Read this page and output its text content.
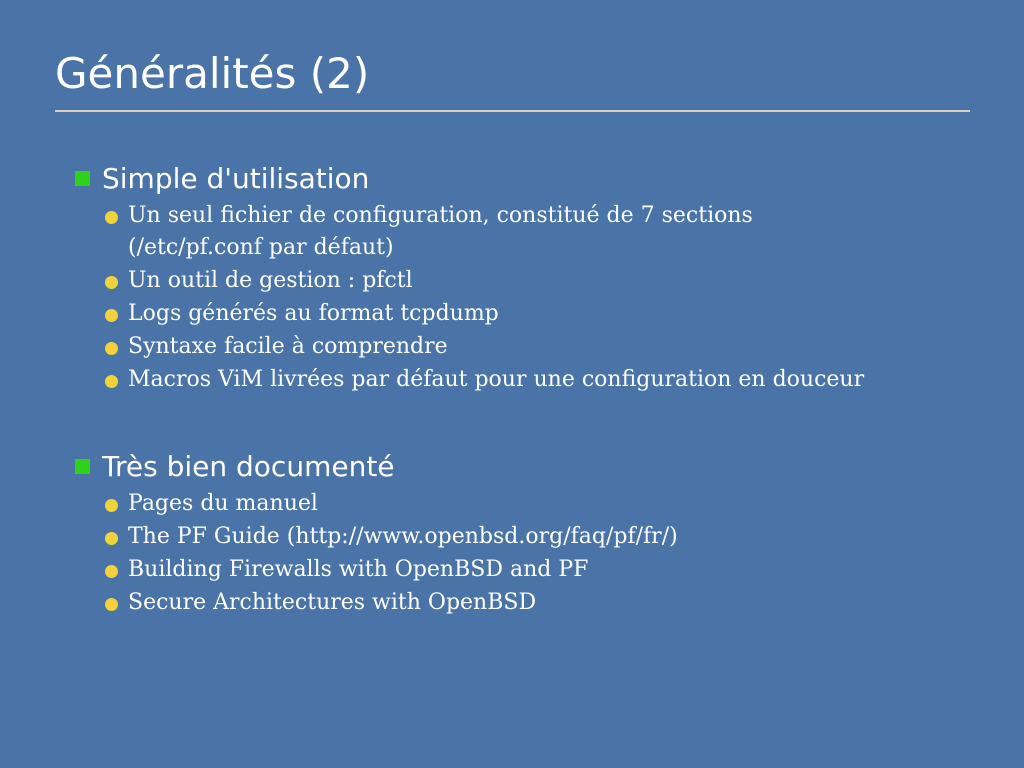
Généralités (2)
Simple d'utilisation
Un seul fichier de configuration, constitué de 7 sections (/etc/pf.conf par défaut)
Un outil de gestion : pfctl
Logs générés au format tcpdump
Syntaxe facile à comprendre
Macros ViM livrées par défaut pour une configuration en douceur
Très bien documenté
Pages du manuel
The PF Guide (http://www.openbsd.org/faq/pf/fr/)
Building Firewalls with OpenBSD and PF
Secure Architectures with OpenBSD
